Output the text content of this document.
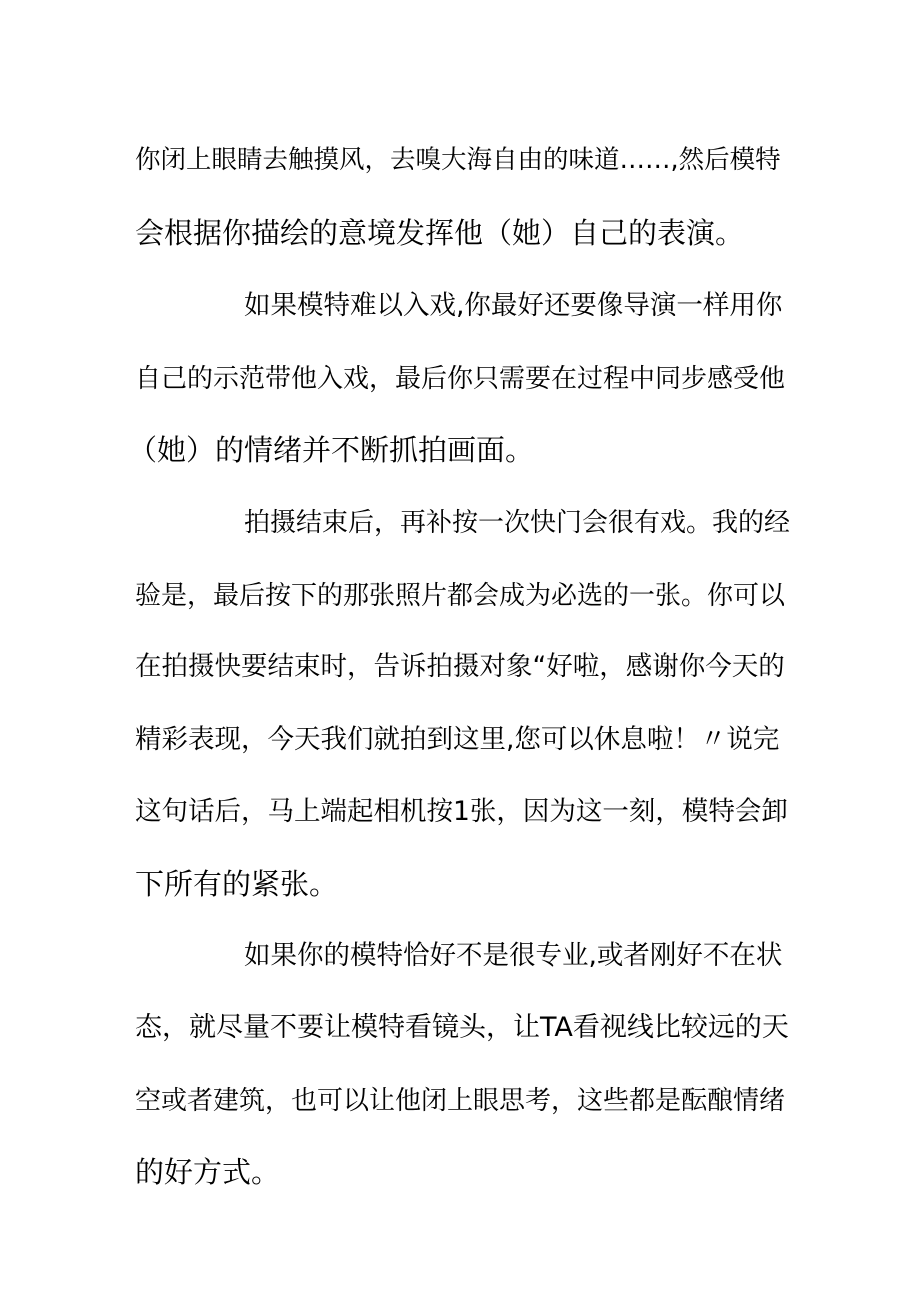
你闭上眼睛去触摸风，去嗅大海自由的味道……,然后模特
会根据你描绘的意境发挥他（她）自己的表演。
如果模特难以入戏,你最好还要像导演一样用你
自己的示范带他入戏，最后你只需要在过程中同步感受他
（她）的情绪并不断抓拍画面。
拍摄结束后，再补按一次快门会很有戏。我的经
验是，最后按下的那张照片都会成为必选的一张。你可以
在拍摄快要结束时，告诉拍摄对象“好啦，感谢你今天的
精彩表现，今天我们就拍到这里,您可以休息啦！〃说完
这句话后，马上端起相机按1张，因为这一刻，模特会卸
下所有的紧张。
如果你的模特恰好不是很专业,或者刚好不在状
态，就尽量不要让模特看镜头，让TA看视线比较远的天
空或者建筑，也可以让他闭上眼思考，这些都是酝酿情绪
的好方式。
